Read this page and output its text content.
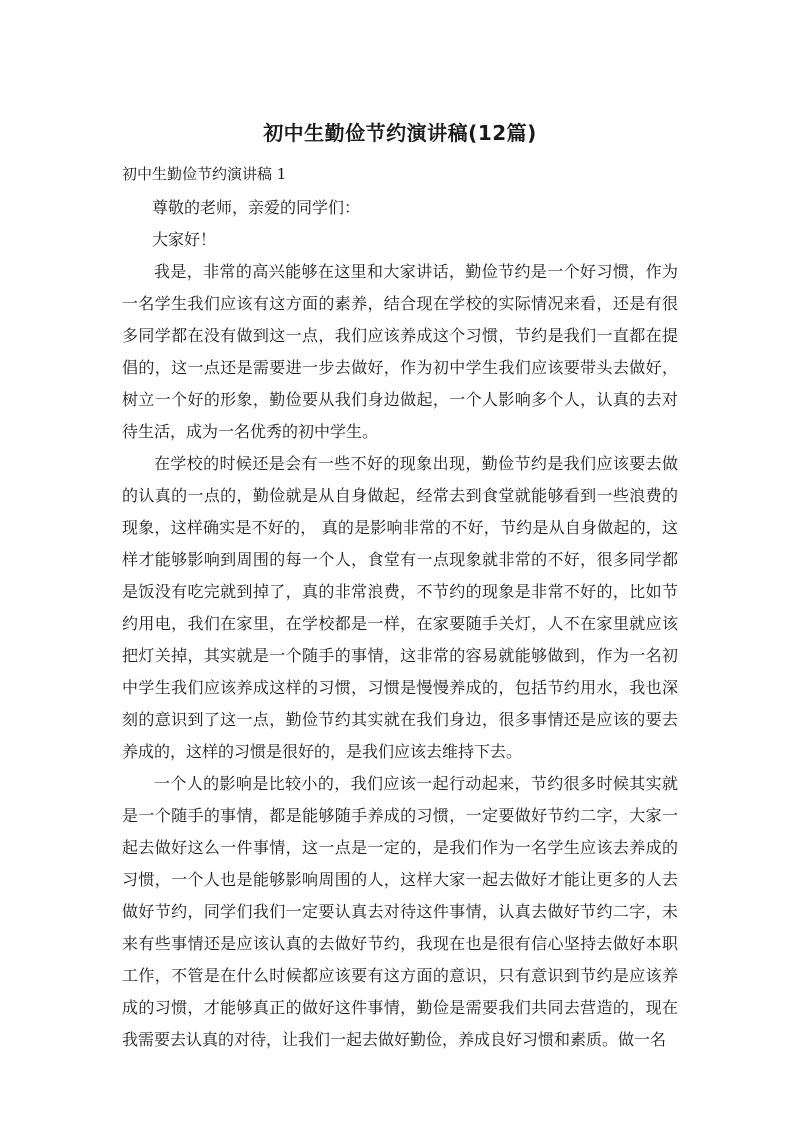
初中生勤俭节约演讲稿(12篇)
初中生勤俭节约演讲稿 1

尊敬的老师，亲爱的同学们：

大家好！

我是，非常的高兴能够在这里和大家讲话，勤俭节约是一个好习惯，作为一名学生我们应该有这方面的素养，结合现在学校的实际情况来看，还是有很多同学都在没有做到这一点，我们应该养成这个习惯，节约是我们一直都在提倡的，这一点还是需要进一步去做好，作为初中学生我们应该要带头去做好，树立一个好的形象，勤俭要从我们身边做起，一个人影响多个人，认真的去对待生活，成为一名优秀的初中学生。

在学校的时候还是会有一些不好的现象出现，勤俭节约是我们应该要去做的认真的一点的，勤俭就是从自身做起，经常去到食堂就能够看到一些浪费的现象，这样确实是不好的， 真的是影响非常的不好，节约是从自身做起的，这样才能够影响到周围的每一个人，食堂有一点现象就非常的不好，很多同学都是饭没有吃完就到掉了，真的非常浪费，不节约的现象是非常不好的，比如节约用电，我们在家里，在学校都是一样，在家要随手关灯，人不在家里就应该把灯关掉，其实就是一个随手的事情，这非常的容易就能够做到，作为一名初中学生我们应该养成这样的习惯，习惯是慢慢养成的，包括节约用水，我也深刻的意识到了这一点，勤俭节约其实就在我们身边，很多事情还是应该的要去养成的，这样的习惯是很好的，是我们应该去维持下去。

一个人的影响是比较小的，我们应该一起行动起来，节约很多时候其实就是一个随手的事情，都是能够随手养成的习惯，一定要做好节约二字，大家一起去做好这么一件事情，这一点是一定的，是我们作为一名学生应该去养成的习惯，一个人也是能够影响周围的人，这样大家一起去做好才能让更多的人去做好节约，同学们我们一定要认真去对待这件事情，认真去做好节约二字，未来有些事情还是应该认真的去做好节约，我现在也是很有信心坚持去做好本职工作，不管是在什么时候都应该要有这方面的意识，只有意识到节约是应该养成的习惯，才能够真正的做好这件事情，勤俭是需要我们共同去营造的，现在我需要去认真的对待，让我们一起去做好勤俭，养成良好习惯和素质。做一名
